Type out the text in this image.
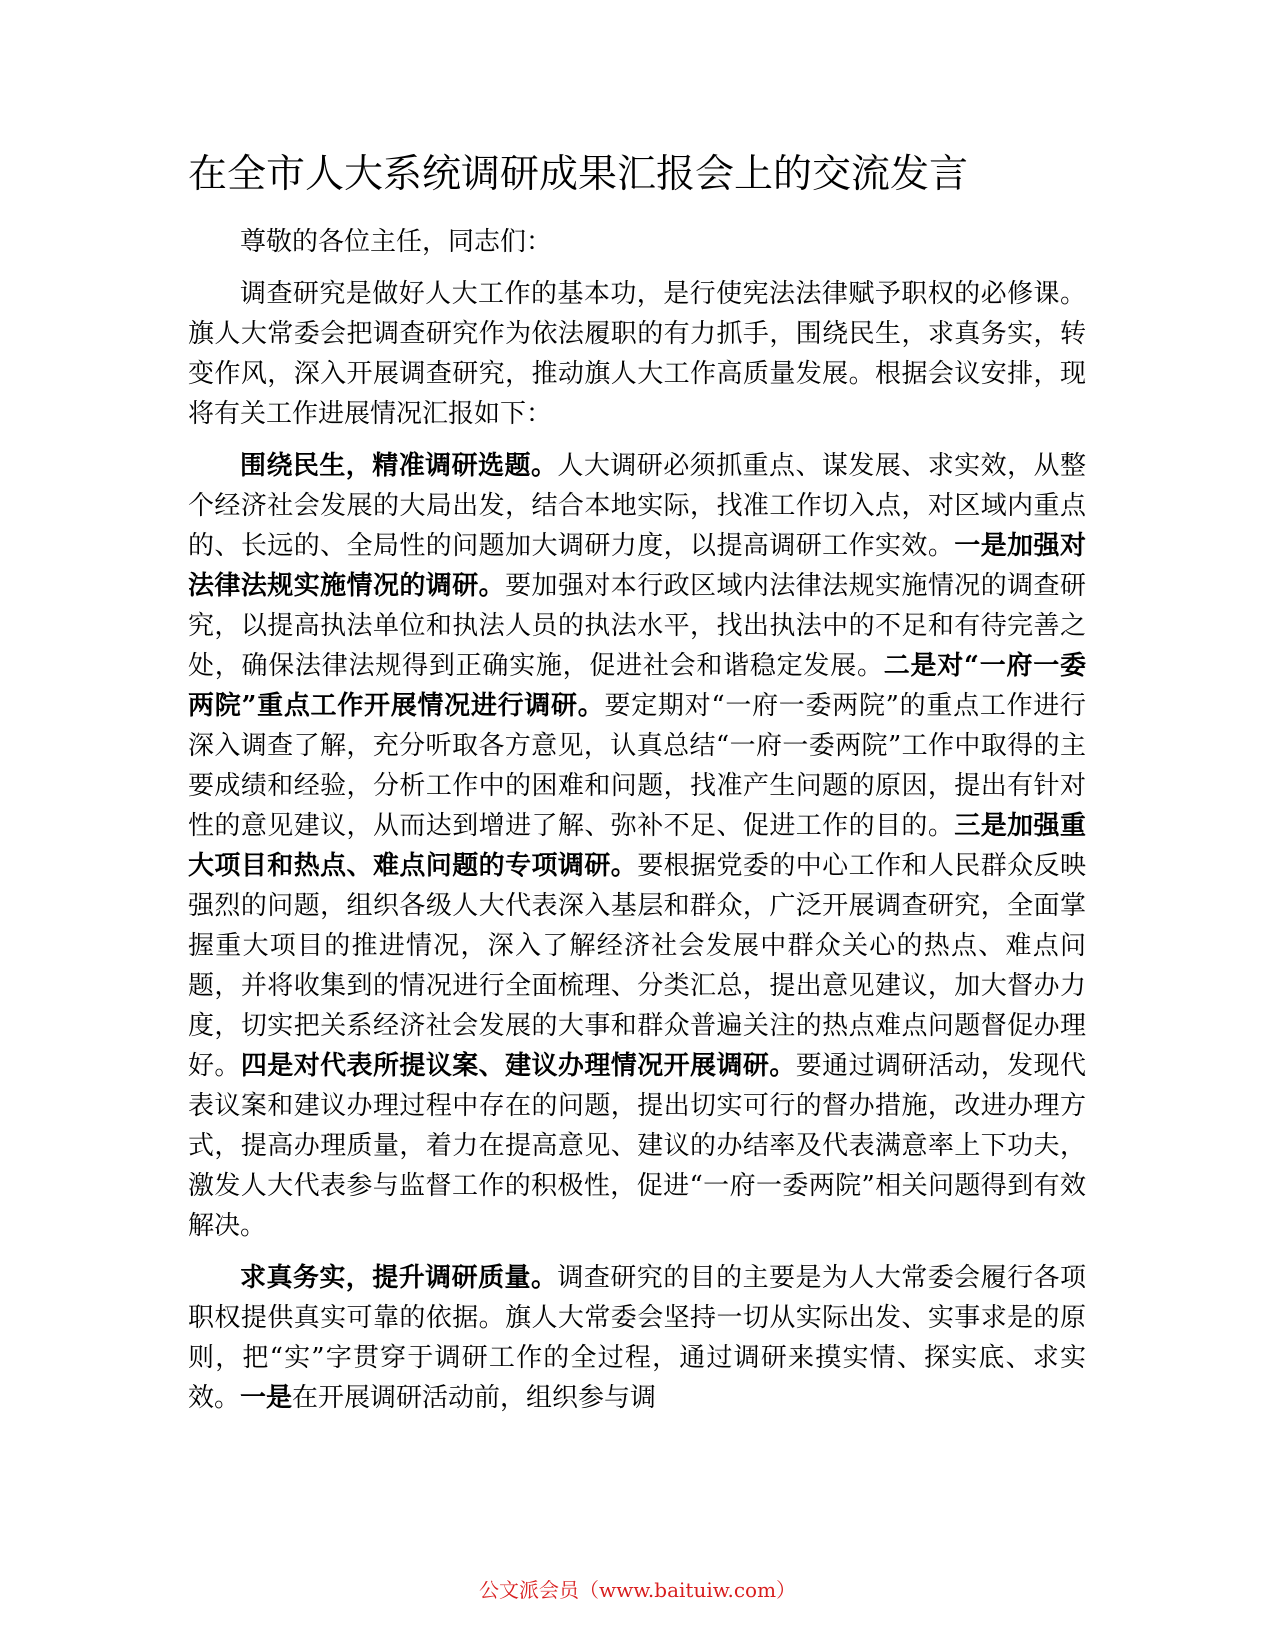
在全市人大系统调研成果汇报会上的交流发言

尊敬的各位主任，同志们：

调查研究是做好人大工作的基本功，是行使宪法法律赋予职权的必修课。旗人大常委会把调查研究作为依法履职的有力抓手，围绕民生，求真务实，转变作风，深入开展调查研究，推动旗人大工作高质量发展。根据会议安排，现将有关工作进展情况汇报如下：

围绕民生，精准调研选题。人大调研必须抓重点、谋发展、求实效，从整个经济社会发展的大局出发，结合本地实际，找准工作切入点，对区域内重点的、长远的、全局性的问题加大调研力度，以提高调研工作实效。一是加强对法律法规实施情况的调研。要加强对本行政区域内法律法规实施情况的调查研究，以提高执法单位和执法人员的执法水平，找出执法中的不足和有待完善之处，确保法律法规得到正确实施，促进社会和谐稳定发展。二是对“一府一委两院”重点工作开展情况进行调研。要定期对“一府一委两院”的重点工作进行深入调查了解，充分听取各方意见，认真总结“一府一委两院”工作中取得的主要成绩和经验，分析工作中的困难和问题，找准产生问题的原因，提出有针对性的意见建议，从而达到增进了解、弥补不足、促进工作的目的。三是加强重大项目和热点、难点问题的专项调研。要根据党委的中心工作和人民群众反映强烈的问题，组织各级人大代表深入基层和群众，广泛开展调查研究，全面掌握重大项目的推进情况，深入了解经济社会发展中群众关心的热点、难点问题，并将收集到的情况进行全面梳理、分类汇总，提出意见建议，加大督办力度，切实把关系经济社会发展的大事和群众普遍关注的热点难点问题督促办理好。四是对代表所提议案、建议办理情况开展调研。要通过调研活动，发现代表议案和建议办理过程中存在的问题，提出切实可行的督办措施，改进办理方式，提高办理质量，着力在提高意见、建议的办结率及代表满意率上下功夫，激发人大代表参与监督工作的积极性，促进“一府一委两院”相关问题得到有效解决。

求真务实，提升调研质量。调查研究的目的主要是为人大常委会履行各项职权提供真实可靠的依据。旗人大常委会坚持一切从实际出发、实事求是的原则，把“实”字贯穿于调研工作的全过程，通过调研来摸实情、探实底、求实效。一是在开展调研活动前，组织参与调

公文派会员（www.baituiw.com）
